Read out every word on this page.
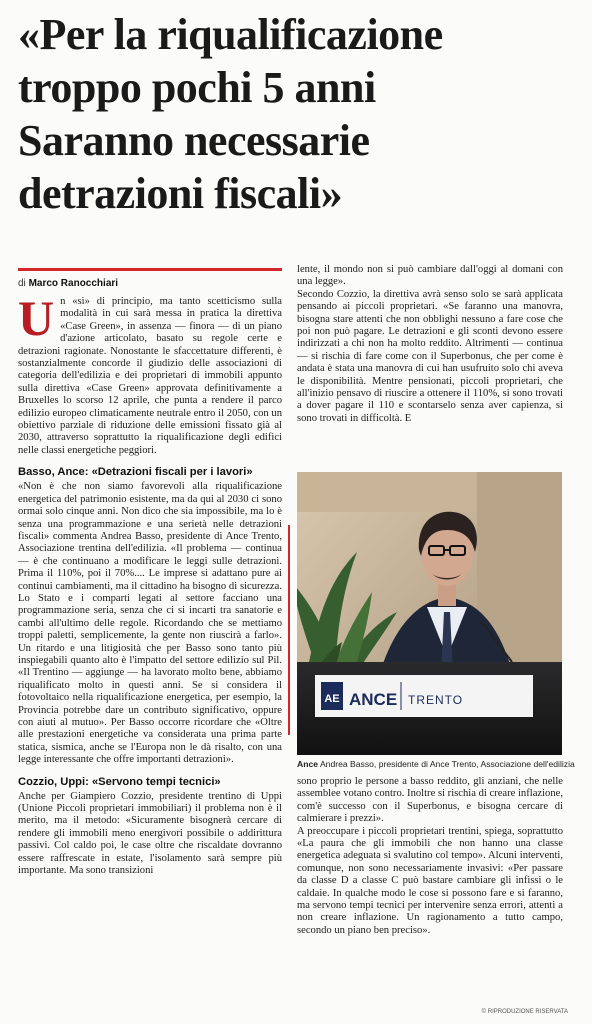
«Per la riqualificazione
troppo pochi 5 anni
Saranno necessarie
detrazioni fiscali»
di Marco Ranocchiari

Un «sì» di principio, ma tanto scetticismo sulla modalità in cui sarà messa in pratica la direttiva «Case Green», in assenza — finora — di un piano d'azione articolato, basato su regole certe e detrazioni ragionate. Nonostante le sfaccettature differenti, è sostanzialmente concorde il giudizio delle associazioni di categoria dell'edilizia e dei proprietari di immobili appunto sulla direttiva «Case Green» approvata definitivamente a Bruxelles lo scorso 12 aprile, che punta a rendere il parco edilizio europeo climaticamente neutrale entro il 2050, con un obiettivo parziale di riduzione delle emissioni fissato già al 2030, attraverso soprattutto la riqualificazione degli edifici nelle classi energetiche peggiori.

Basso, Ance: «Detrazioni fiscali per i lavori»

«Non è che non siamo favorevoli alla riqualificazione energetica del patrimonio esistente, ma da qui al 2030 ci sono ormai solo cinque anni. Non dico che sia impossibile, ma lo è senza una programmazione e una serietà nelle detrazioni fiscali» commenta Andrea Basso, presidente di Ance Trento, Associazione trentina dell'edilizia. «Il problema — continua — è che continuano a modificare le leggi sulle detrazioni. Prima il 110%, poi il 70%.... Le imprese si adattano pure ai continui cambiamenti, ma il cittadino ha bisogno di sicurezza. Lo Stato e i comparti legati al settore facciano una programmazione seria, senza che ci si incarti tra sanatorie e cambi all'ultimo delle regole. Ricordando che se mettiamo troppi paletti, semplicemente, la gente non riuscirà a farlo». Un ritardo e una litigiosità che per Basso sono tanto più inspiegabili quanto alto è l'impatto del settore edilizio sul Pil. «Il Trentino — aggiunge — ha lavorato molto bene, abbiamo riqualificato molto in questi anni. Se si considera il fotovoltaico nella riqualificazione energetica, per esempio, la Provincia potrebbe dare un contributo significativo, oppure con aiuti al mutuo». Per Basso occorre ricordare che «Oltre alle prestazioni energetiche va considerata una prima parte statica, sismica, anche se l'Europa non le dà risalto, con una legge interessante che offre importanti detrazioni».

Cozzio, Uppi: «Servono tempi tecnici»

Anche per Giampiero Cozzio, presidente trentino di Uppi (Unione Piccoli proprietari immobiliari) il problema non è il merito, ma il metodo: «Sicuramente bisognerà cercare di rendere gli immobili meno energivori possibile o addirittura passivi. Col caldo poi, le case oltre che riscaldate dovranno essere raffrescate in estate, l'isolamento sarà sempre più importante. Ma sono transizioni

lente, il mondo non si può cambiare dall'oggi al domani con una legge».

Secondo Cozzio, la direttiva avrà senso solo se sarà applicata pensando ai piccoli proprietari. «Se faranno una manovra, bisogna stare attenti che non obblighi nessuno a fare cose che poi non può pagare. Le detrazioni e gli sconti devono essere indirizzati a chi non ha molto reddito. Altrimenti — continua — si rischia di fare come con il Superbonus, che per come è andata è stata una manovra di cui han usufruito solo chi aveva le disponibilità. Mentre pensionati, piccoli proprietari, che all'inizio pensavo di riuscire a ottenere il 110%, si sono trovati a dover pagare il 110 e scontarselo senza aver capienza, si sono trovati in difficoltà. E

AE ANCE TRENTO
Ance Andrea Basso, presidente di Ance Trento, Associazione dell'edilizia

sono proprio le persone a basso reddito, gli anziani, che nelle assemblee votano contro. Inoltre si rischia di creare inflazione, com'è successo con il Superbonus, e bisogna cercare di calmierare i prezzi».

A preoccupare i piccoli proprietari trentini, spiega, soprattutto «La paura che gli immobili che non hanno una classe energetica adeguata si svalutino col tempo». Alcuni interventi, comunque, non sono necessariamente invasivi: «Per passare da classe D a classe C può bastare cambiare gli infissi o le caldaie. In qualche modo le cose si possono fare e si faranno, ma servono tempi tecnici per intervenire senza errori, attenti a non creare inflazione. Un ragionamento a tutto campo, secondo un piano ben preciso».

© RIPRODUZIONE RISERVATA
